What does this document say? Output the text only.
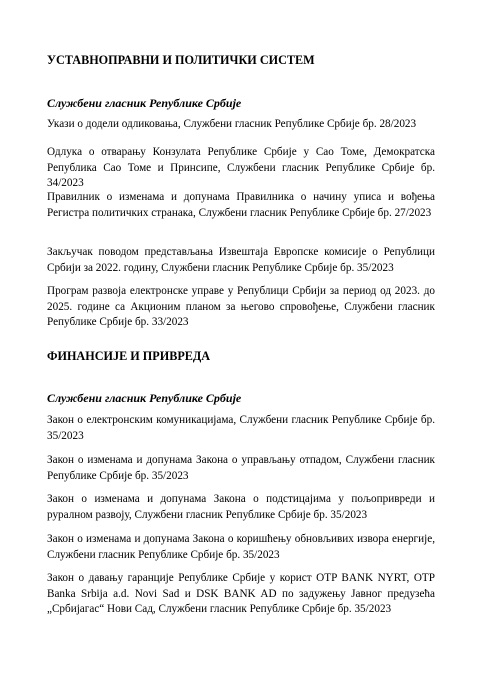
УСТАВНОПРАВНИ И ПОЛИТИЧКИ СИСТЕМ
Службени гласник Републике Србије
Укази о додели одликовања, Службени гласник Републике Србије бр. 28/2023
Одлука о отварању Конзулата Републике Србије у Сао Томе, Демократска Република Сао Томе и Принсипе, Службени гласник Републике Србије бр. 34/2023
Правилник о изменама и допунама Правилника о начину уписа и вођења Регистра политичких странака, Службени гласник Републике Србије бр. 27/2023
Закључак поводом представљања Извештаја Европске комисије о Републици Србији за 2022. годину, Службени гласник Републике Србије бр. 35/2023
Програм развоја електронске управе у Републици Србији за период од 2023. до 2025. године са Акционим планом за његово спровођење, Службени гласник Републике Србије бр. 33/2023
ФИНАНСИЈЕ И ПРИВРЕДА
Службени гласник Републике Србије
Закон о електронским комуникацијама, Службени гласник Републике Србије бр. 35/2023
Закон о изменама и допунама Закона о управљању отпадом, Службени гласник Републике Србије бр. 35/2023
Закон о изменама и допунама Закона о подстицајима у пољопривреди и руралном развоју, Службени гласник Републике Србије бр. 35/2023
Закон о изменама и допунама Закона о коришћењу обновљивих извора енергије, Службени гласник Републике Србије бр. 35/2023
Закон о давању гаранције Републике Србије у корист OTP BANK NYRT, OTP Banka Srbija a.d. Novi Sad и DSK BANK AD по задужењу Јавног предузећа „Србијагас“ Нови Сад, Службени гласник Републике Србије бр. 35/2023
